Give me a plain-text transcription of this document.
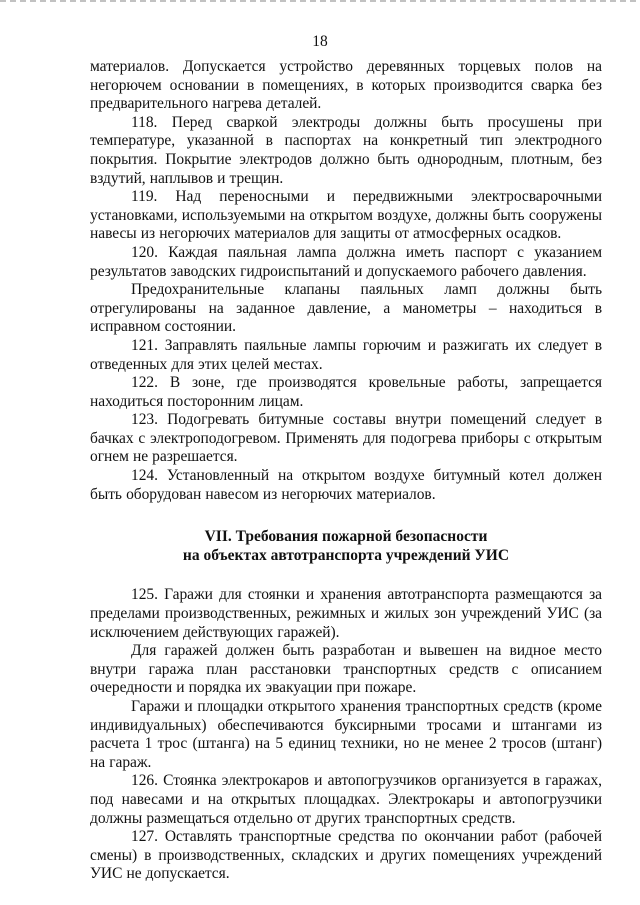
18

материалов. Допускается устройство деревянных торцевых полов на негорючем основании в помещениях, в которых производится сварка без предварительного нагрева деталей.

118. Перед сваркой электроды должны быть просушены при температуре, указанной в паспортах на конкретный тип электродного покрытия. Покрытие электродов должно быть однородным, плотным, без вздутий, наплывов и трещин.

119. Над переносными и передвижными электросварочными установками, используемыми на открытом воздухе, должны быть сооружены навесы из негорючих материалов для защиты от атмосферных осадков.

120. Каждая паяльная лампа должна иметь паспорт с указанием результатов заводских гидроиспытаний и допускаемого рабочего давления.

Предохранительные клапаны паяльных ламп должны быть отрегулированы на заданное давление, а манометры – находиться в исправном состоянии.

121. Заправлять паяльные лампы горючим и разжигать их следует в отведенных для этих целей местах.

122. В зоне, где производятся кровельные работы, запрещается находиться посторонним лицам.

123. Подогревать битумные составы внутри помещений следует в бачках с электроподогревом. Применять для подогрева приборы с открытым огнем не разрешается.

124. Установленный на открытом воздухе битумный котел должен быть оборудован навесом из негорючих материалов.

VII. Требования пожарной безопасности
на объектах автотранспорта учреждений УИС

125. Гаражи для стоянки и хранения автотранспорта размещаются за пределами производственных, режимных и жилых зон учреждений УИС (за исключением действующих гаражей).

Для гаражей должен быть разработан и вывешен на видное место внутри гаража план расстановки транспортных средств с описанием очередности и порядка их эвакуации при пожаре.

Гаражи и площадки открытого хранения транспортных средств (кроме индивидуальных) обеспечиваются буксирными тросами и штангами из расчета 1 трос (штанга) на 5 единиц техники, но не менее 2 тросов (штанг) на гараж.

126. Стоянка электрокаров и автопогрузчиков организуется в гаражах, под навесами и на открытых площадках. Электрокары и автопогрузчики должны размещаться отдельно от других транспортных средств.

127. Оставлять транспортные средства по окончании работ (рабочей смены) в производственных, складских и других помещениях учреждений УИС не допускается.
